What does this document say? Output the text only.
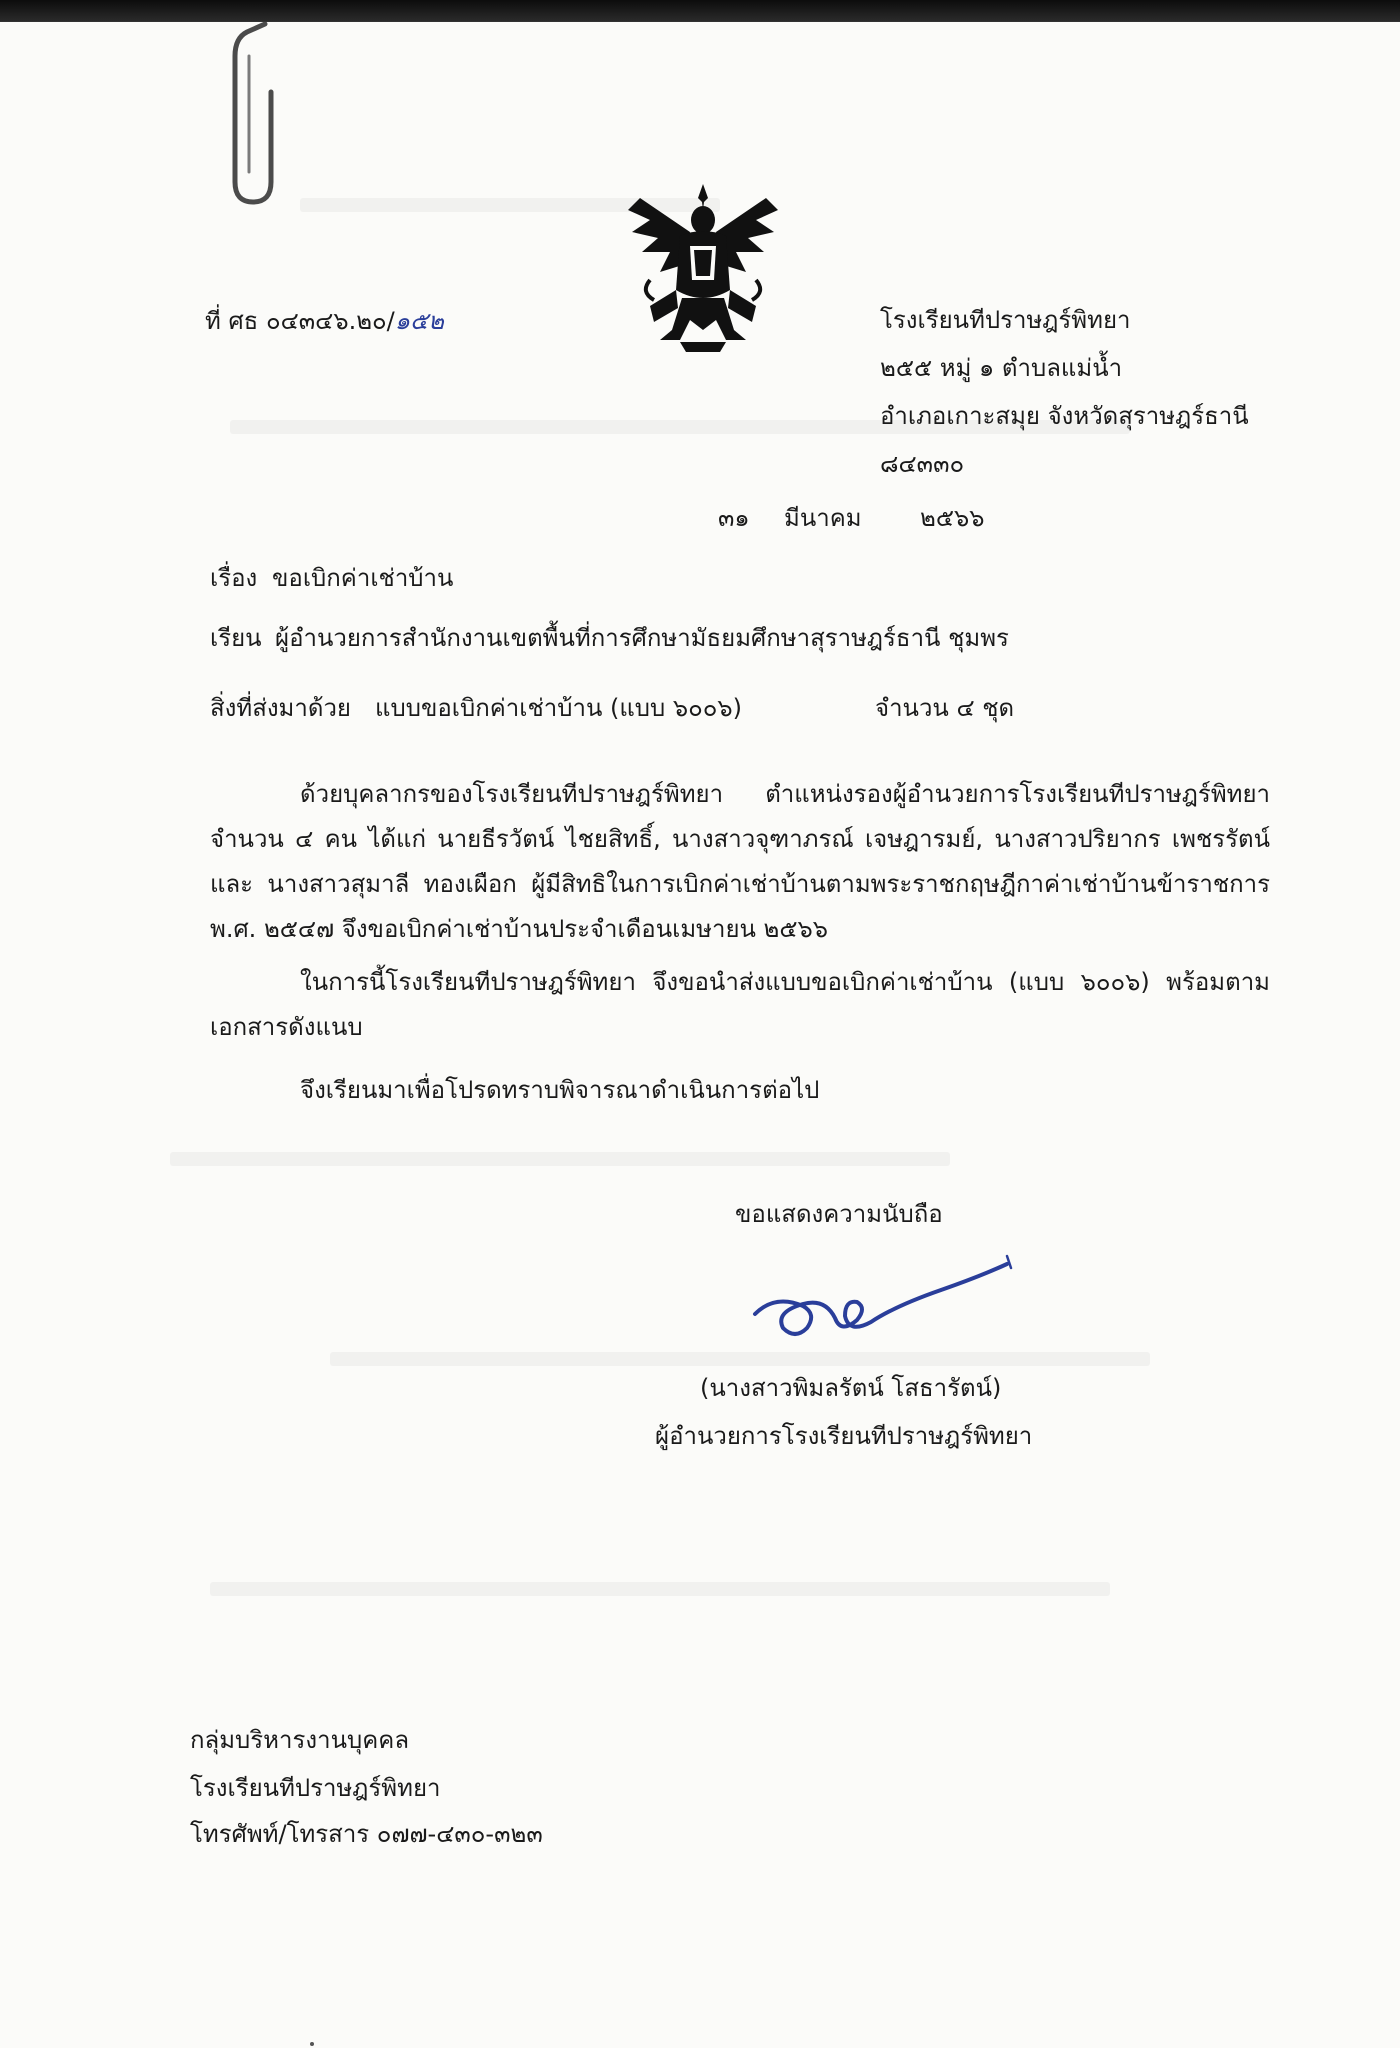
ที่ ศธ ๐๔๓๔๖.๒๐/๑๕๒	โรงเรียนทีปราษฎร์พิทยา
๒๕๕ หมู่ ๑ ตำบลแม่น้ำ
อำเภอเกาะสมุย จังหวัดสุราษฎร์ธานี
๘๔๓๓๐
๓๑ มีนาคม ๒๕๖๖
เรื่อง ขอเบิกค่าเช่าบ้าน
เรียน ผู้อำนวยการสำนักงานเขตพื้นที่การศึกษามัธยมศึกษาสุราษฎร์ธานี ชุมพร
สิ่งที่ส่งมาด้วย แบบขอเบิกค่าเช่าบ้าน (แบบ ๖๐๐๖)	จำนวน ๔ ชุด

ด้วยบุคลากรของโรงเรียนทีปราษฎร์พิทยา ตำแหน่งรองผู้อำนวยการโรงเรียนทีปราษฎร์พิทยา จำนวน ๔ คน ได้แก่ นายธีรวัตน์ ไชยสิทธิ์, นางสาวจุฑาภรณ์ เจษฎารมย์, นางสาวปริยากร เพชรรัตน์ และ นางสาวสุมาลี ทองเผือก ผู้มีสิทธิในการเบิกค่าเช่าบ้านตามพระราชกฤษฎีกาค่าเช่าบ้านข้าราชการ พ.ศ. ๒๕๔๗ จึงขอเบิกค่าเช่าบ้านประจำเดือนเมษายน ๒๕๖๖

ในการนี้โรงเรียนทีปราษฎร์พิทยา จึงขอนำส่งแบบขอเบิกค่าเช่าบ้าน (แบบ ๖๐๐๖) พร้อมตาม เอกสารดังแนบ

จึงเรียนมาเพื่อโปรดทราบพิจารณาดำเนินการต่อไป

ขอแสดงความนับถือ
(นางสาวพิมลรัตน์ โสธารัตน์)
ผู้อำนวยการโรงเรียนทีปราษฎร์พิทยา
กลุ่มบริหารงานบุคคล
โรงเรียนทีปราษฎร์พิทยา
โทรศัพท์/โทรสาร ๐๗๗-๔๓๐-๓๒๓
